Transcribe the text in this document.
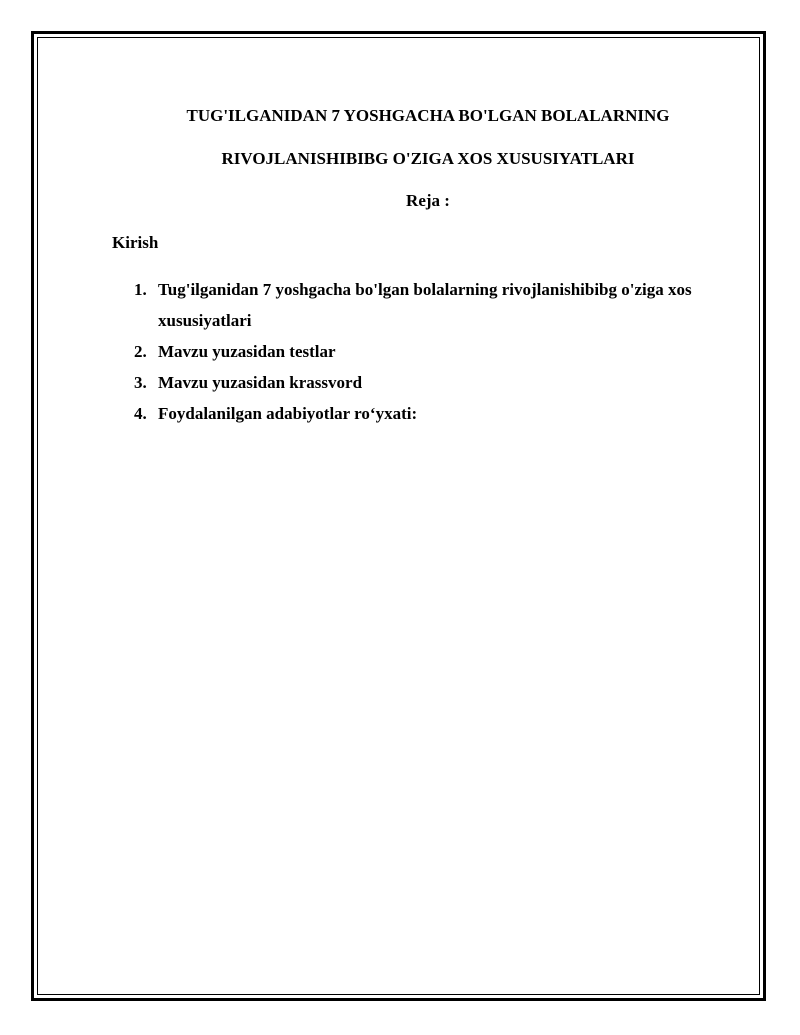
TUG'ILGANIDAN 7 YOSHGACHA BO'LGAN BOLALARNING
RIVOJLANISHIBIBG O'ZIGA XOS XUSUSIYATLARI
Reja :
Kirish
1. Tug'ilganidan 7 yoshgacha bo'lgan bolalarning rivojlanishibibg o'ziga xos xususiyatlari
2. Mavzu yuzasidan testlar
3. Mavzu yuzasidan krassvord
4. Foydalanilgan adabiyotlar ro‘yxati:
